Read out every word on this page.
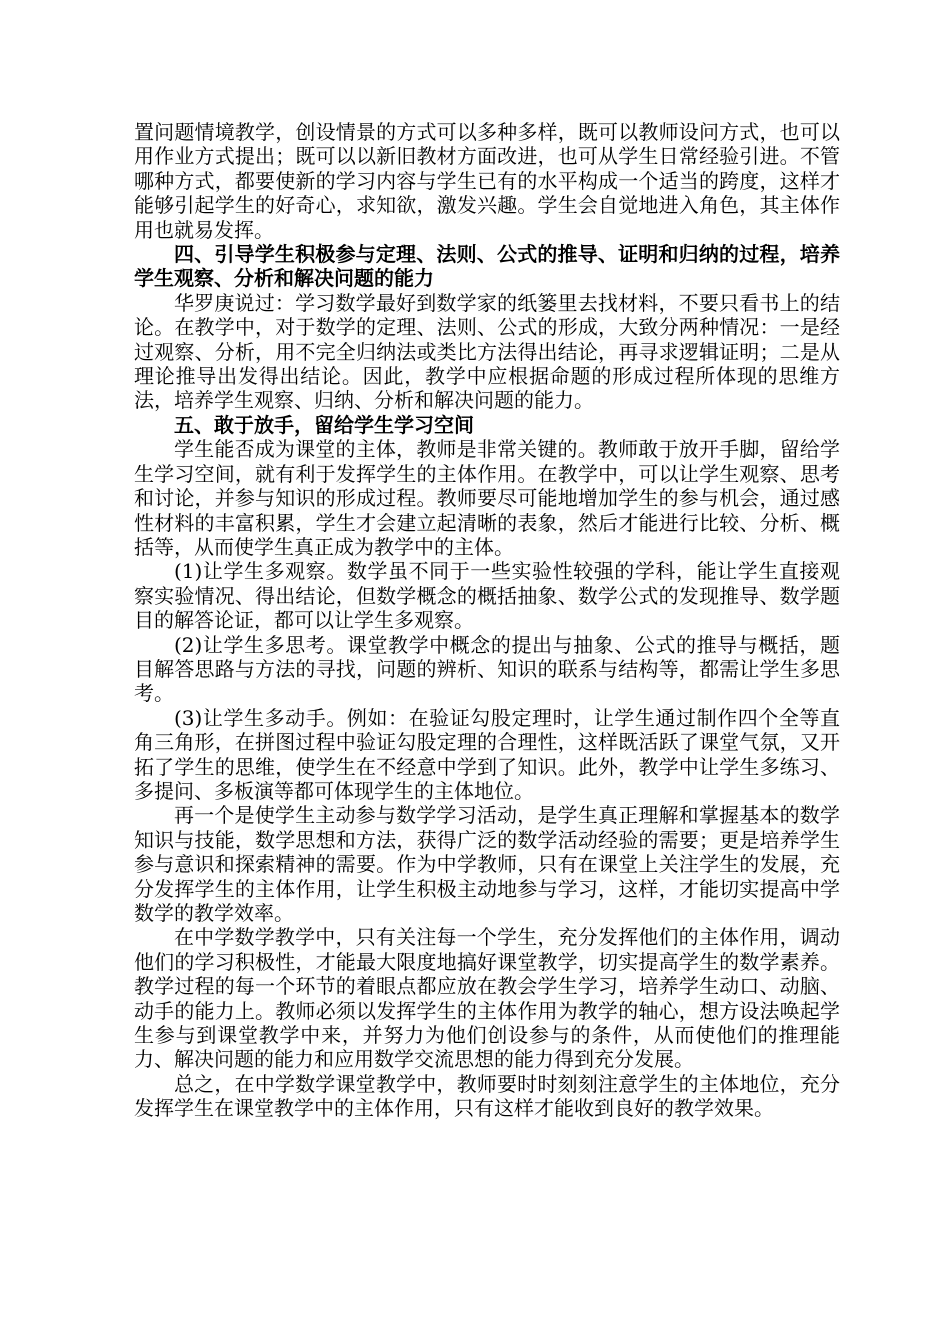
置问题情境教学，创设情景的方式可以多种多样，既可以教师设问方式，也可以用作业方式提出；既可以以新旧教材方面改进，也可从学生日常经验引进。不管哪种方式，都要使新的学习内容与学生已有的水平构成一个适当的跨度，这样才能够引起学生的好奇心，求知欲，激发兴趣。学生会自觉地进入角色，其主体作用也就易发挥。

四、引导学生积极参与定理、法则、公式的推导、证明和归纳的过程，培养学生观察、分析和解决问题的能力

华罗庚说过：学习数学最好到数学家的纸篓里去找材料，不要只看书上的结论。在教学中，对于数学的定理、法则、公式的形成，大致分两种情况：一是经过观察、分析，用不完全归纳法或类比方法得出结论，再寻求逻辑证明；二是从理论推导出发得出结论。因此，教学中应根据命题的形成过程所体现的思维方法，培养学生观察、归纳、分析和解决问题的能力。

五、敢于放手，留给学生学习空间

学生能否成为课堂的主体，教师是非常关键的。教师敢于放开手脚，留给学生学习空间，就有利于发挥学生的主体作用。在教学中，可以让学生观察、思考和讨论，并参与知识的形成过程。教师要尽可能地增加学生的参与机会，通过感性材料的丰富积累，学生才会建立起清晰的表象，然后才能进行比较、分析、概括等，从而使学生真正成为教学中的主体。

(1)让学生多观察。数学虽不同于一些实验性较强的学科，能让学生直接观察实验情况、得出结论，但数学概念的概括抽象、数学公式的发现推导、数学题目的解答论证，都可以让学生多观察。

(2)让学生多思考。课堂教学中概念的提出与抽象、公式的推导与概括，题目解答思路与方法的寻找，问题的辨析、知识的联系与结构等，都需让学生多思考。

(3)让学生多动手。例如：在验证勾股定理时，让学生通过制作四个全等直角三角形，在拼图过程中验证勾股定理的合理性，这样既活跃了课堂气氛，又开拓了学生的思维，使学生在不经意中学到了知识。此外，教学中让学生多练习、多提问、多板演等都可体现学生的主体地位。

再一个是使学生主动参与数学学习活动，是学生真正理解和掌握基本的数学知识与技能，数学思想和方法，获得广泛的数学活动经验的需要；更是培养学生参与意识和探索精神的需要。作为中学教师，只有在课堂上关注学生的发展，充分发挥学生的主体作用，让学生积极主动地参与学习，这样，才能切实提高中学数学的教学效率。

在中学数学教学中，只有关注每一个学生，充分发挥他们的主体作用，调动他们的学习积极性，才能最大限度地搞好课堂教学，切实提高学生的数学素养。教学过程的每一个环节的着眼点都应放在教会学生学习，培养学生动口、动脑、动手的能力上。教师必须以发挥学生的主体作用为教学的轴心，想方设法唤起学生参与到课堂教学中来，并努力为他们创设参与的条件，从而使他们的推理能力、解决问题的能力和应用数学交流思想的能力得到充分发展。

总之，在中学数学课堂教学中，教师要时时刻刻注意学生的主体地位，充分发挥学生在课堂教学中的主体作用，只有这样才能收到良好的教学效果。
